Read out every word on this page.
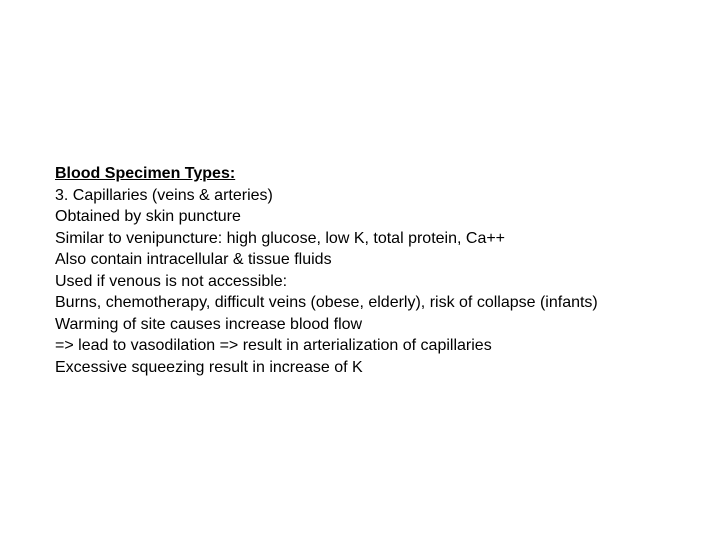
Blood Specimen Types:
3. Capillaries (veins & arteries)
Obtained by skin puncture
Similar to venipuncture: high glucose, low K, total protein, Ca++
Also contain intracellular & tissue fluids
Used if venous is not accessible:
Burns, chemotherapy, difficult veins (obese, elderly), risk of collapse (infants)
Warming of site causes increase blood flow
=> lead to vasodilation => result in arterialization of capillaries
Excessive squeezing result in increase of K
